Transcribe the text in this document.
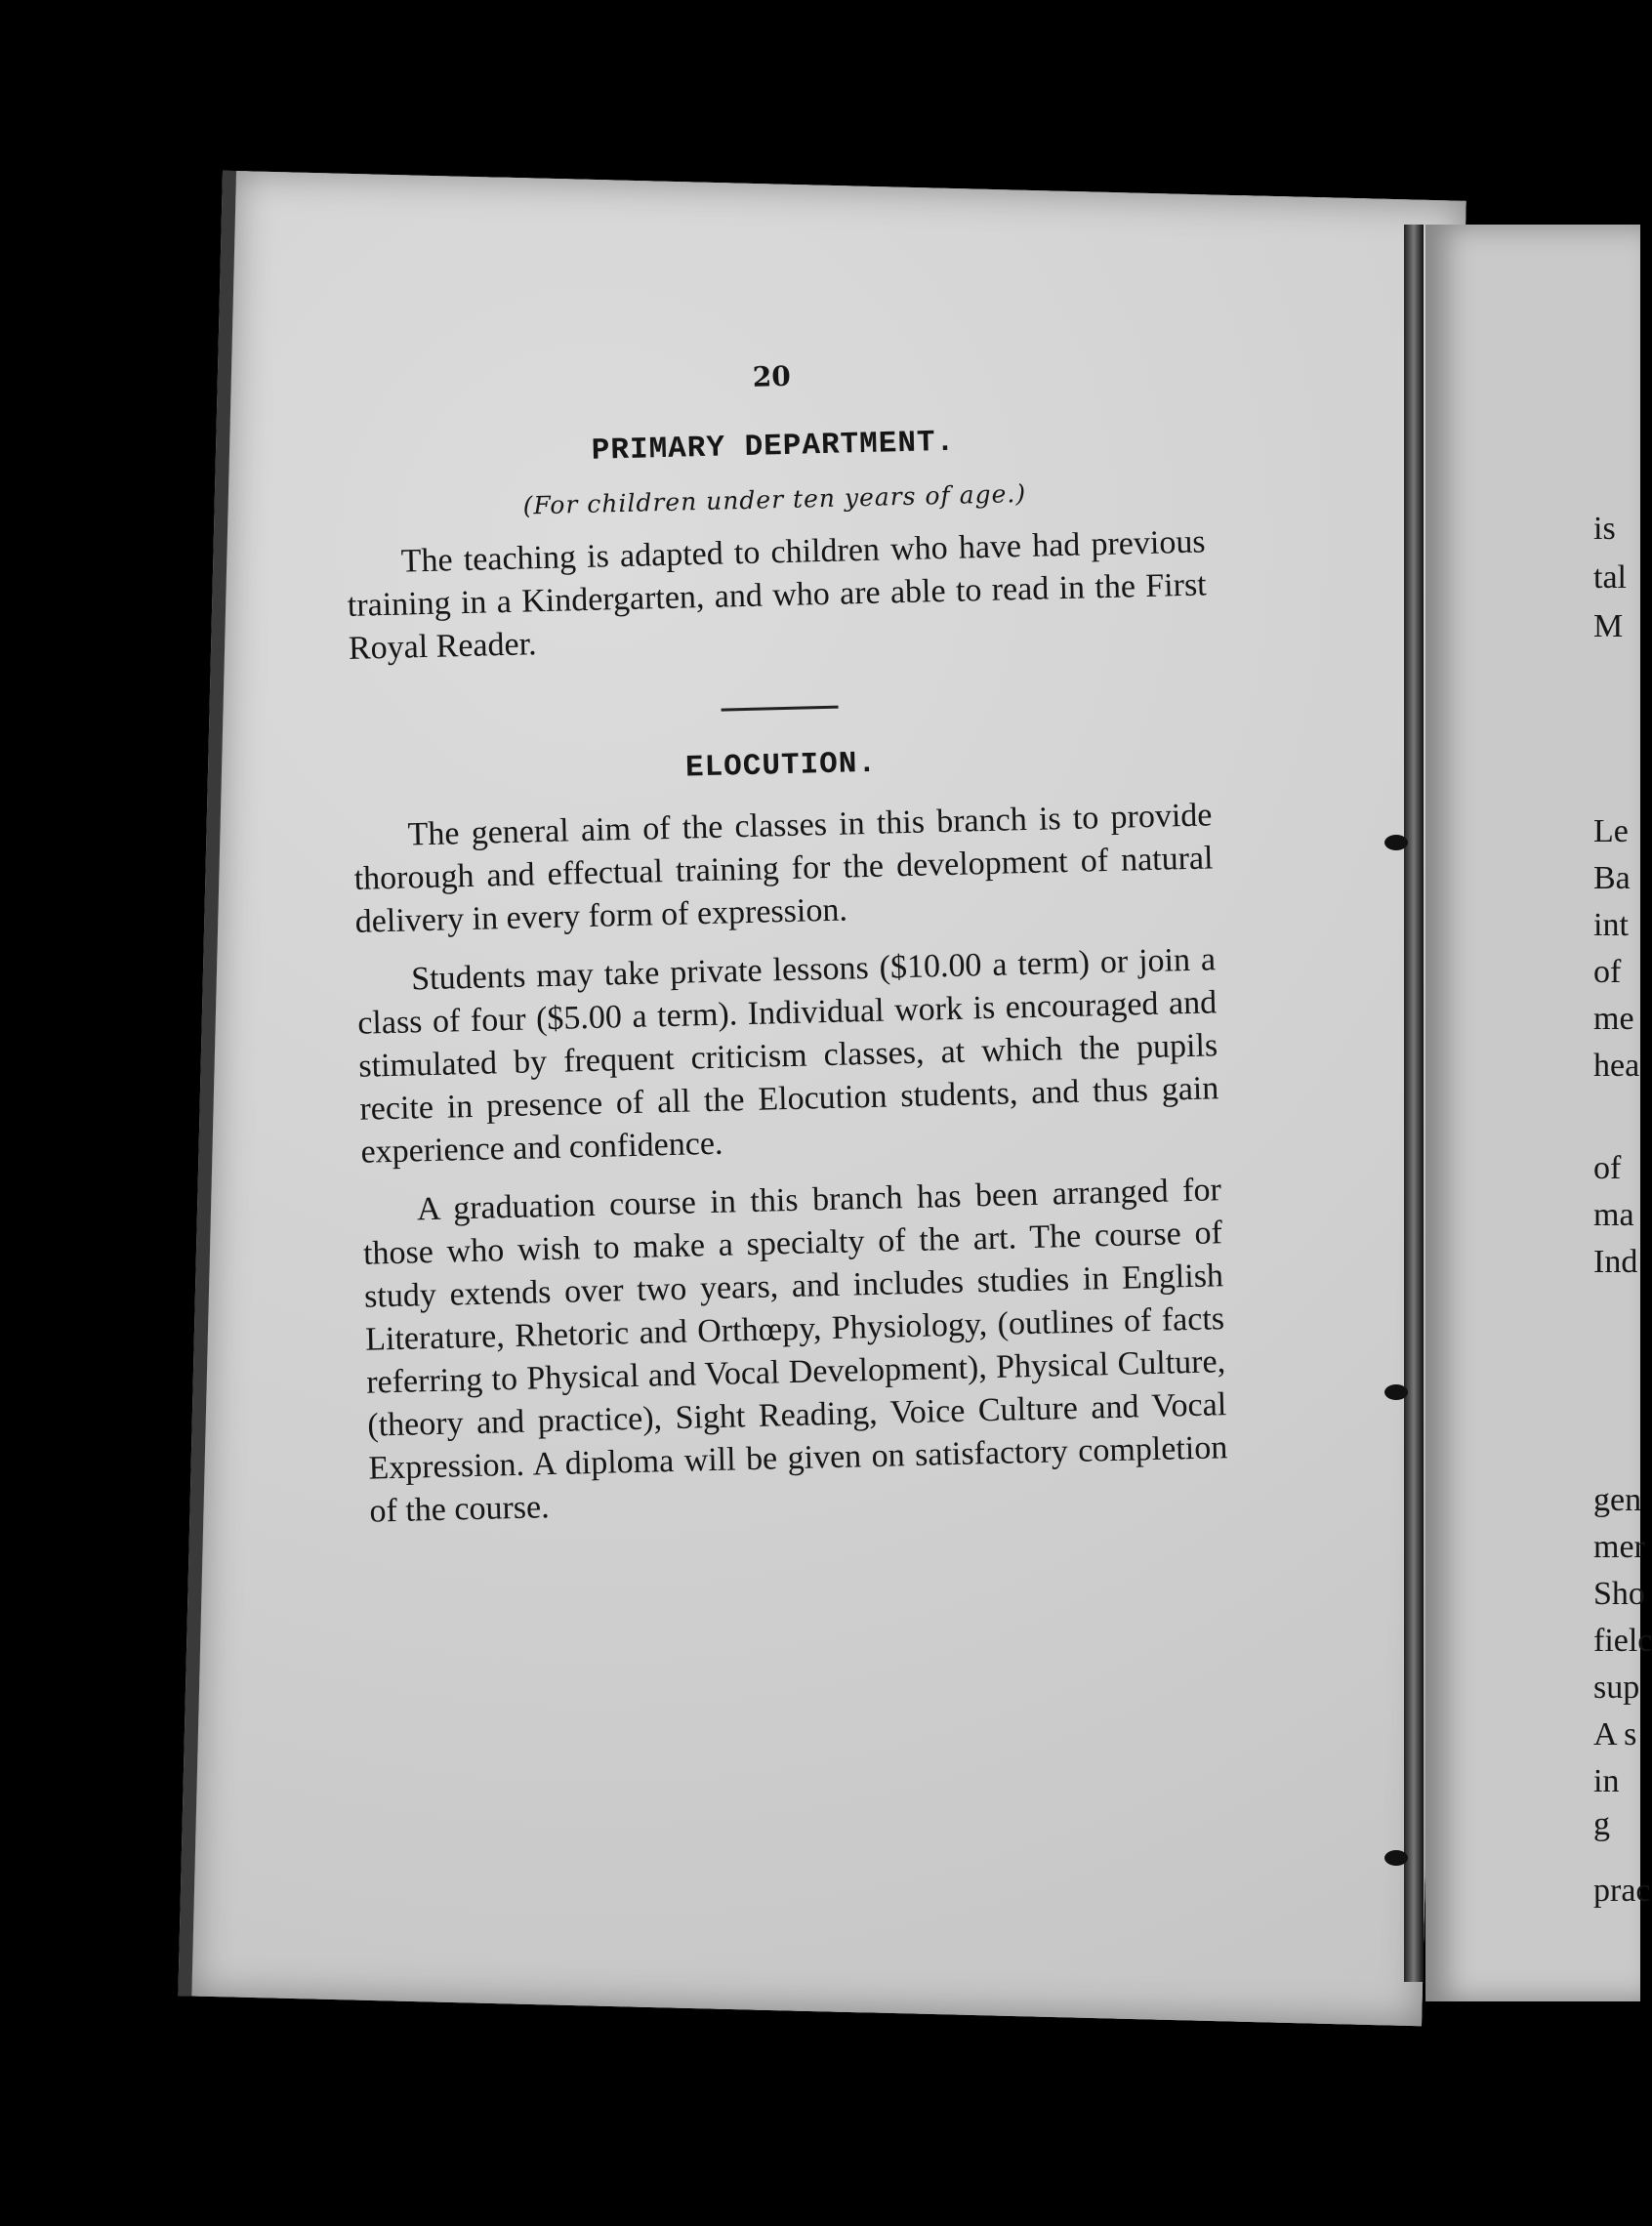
20
PRIMARY DEPARTMENT.
(For children under ten years of age.)

The teaching is adapted to children who have had previous training in a Kindergarten, and who are able to read in the First Royal Reader.

ELOCUTION.

The general aim of the classes in this branch is to provide thorough and effectual training for the development of natural delivery in every form of expression.

Students may take private lessons ($10.00 a term) or join a class of four ($5.00 a term). Individual work is encouraged and stimulated by frequent criticism classes, at which the pupils recite in presence of all the Elocution students, and thus gain experience and confidence.

A graduation course in this branch has been arranged for those who wish to make a specialty of the art. The course of study extends over two years, and includes studies in English Literature, Rhetoric and Orthœpy, Physiology, (outlines of facts referring to Physical and Vocal Development), Physical Culture, (theory and practice), Sight Reading, Voice Culture and Vocal Expression. A diploma will be given on satisfactory completion of the course.

is
tal
M
Le
Ba
int
of
me
hea
of
ma
Ind
gen
mer
Sho
fielc
sup
A s
in g
prac
